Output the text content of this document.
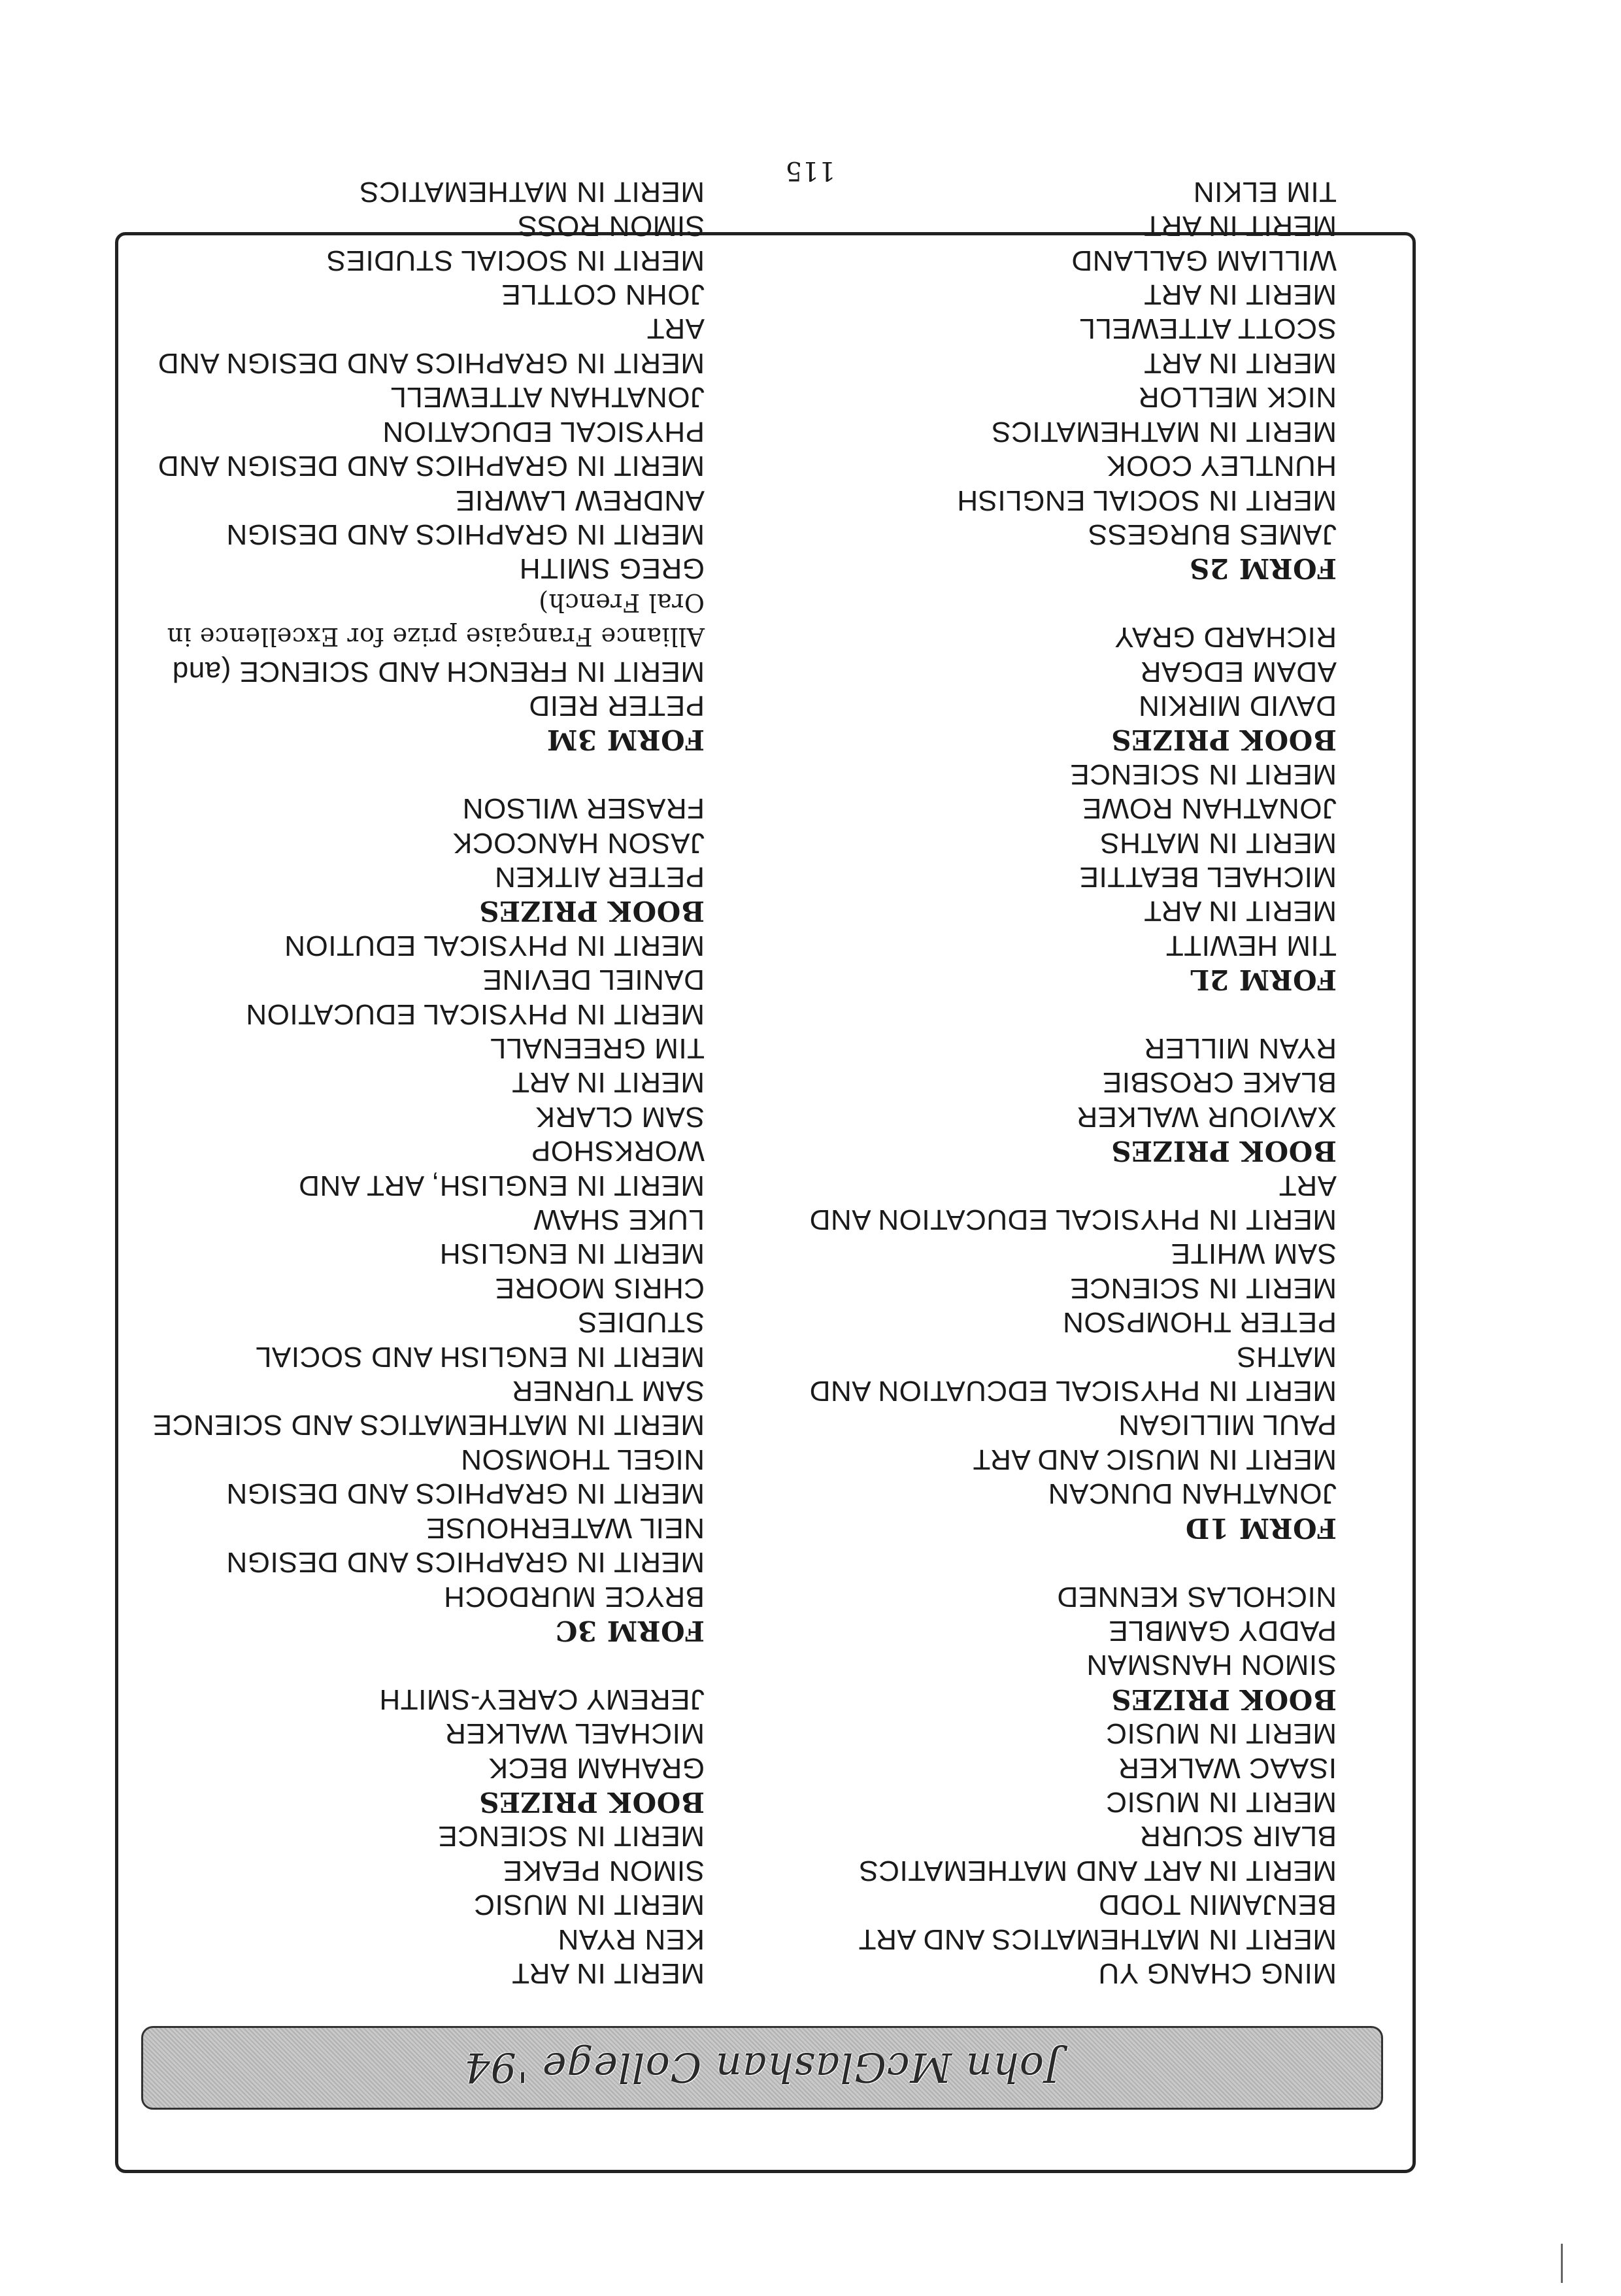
115
John McGlashan College '94
MING CHANG YU
MERIT IN MATHEMATICS AND ART
BENJAMIN TODD
MERIT IN ART AND MATHEMATICS
BLAIR SCURR
MERIT IN MUSIC
ISAAC WALKER
MERIT IN MUSIC
BOOK PRIZES
SIMON HANSMAN
PADDY GAMBLE
NICHOLAS KENNED

FORM 1D
JONATHAN DUNCAN
MERIT IN MUSIC AND ART
PAUL MILLIGAN
MERIT IN PHYSICAL EDCUATION AND
MATHS
PETER THOMPSON
MERIT IN SCIENCE
SAM WHITE
MERIT IN PHYSICAL EDUCATION AND
ART
BOOK PRIZES
XAVIOUR WALKER
BLAKE CROSBIE
RYAN MILLER

FORM 2L
TIM HEWITT
MERIT IN ART
MICHAEL BEATTIE
MERIT IN MATHS
JONATHAN ROWE
MERIT IN SCIENCE
BOOK PRIZES
DAVID MIRKIN
ADAM EDGAR
RICHARD GRAY

FORM 2S
JAMES BURGESS
MERIT IN SOCIAL ENGLISH
HUNTLEY COOK
MERIT IN MATHEMATICS
NICK MELLOR
MERIT IN ART
SCOTT ATTEWELL
MERIT IN ART
WILLIAM GALLAND
MERIT IN ART
TIM ELKIN
MERIT IN ART
KEN RYAN
MERIT IN MUSIC
SIMON PEAKE
MERIT IN SCIENCE
BOOK PRIZES
GRAHAM BECK
MICHAEL WALKER
JEREMY CAREY-SMITH

FORM 3C
BRYCE MURDOCH
MERIT IN GRAPHICS AND DESIGN
NEIL WATERHOUSE
MERIT IN GRAPHICS AND DESIGN
NIGEL THOMSON
MERIT IN MATHEMATICS AND SCIENCE
SAM TURNER
MERIT IN ENGLISH AND SOCIAL
STUDIES
CHRIS MOORE
MERIT IN ENGLISH
LUKE SHAW
MERIT IN ENGLISH, ART AND
WORKSHOP
SAM CLARK
MERIT IN ART
TIM GREENALL
MERIT IN PHYSICAL EDUCATION
DANIEL DEVINE
MERIT IN PHYSICAL EDUTION
BOOK PRIZES
PETER AITKEN
JASON HANCOCK
FRASER WILSON

FORM 3M
PETER REID
MERIT IN FRENCH AND SCIENCE (and
Alliance Française prize for Excellence in
Oral French)
GREG SMITH
MERIT IN GRAPHICS AND DESIGN
ANDREW LAWRIE
MERIT IN GRAPHICS AND DESIGN AND
PHYSICAL EDUCATION
JONATHAN ATTEWELL
MERIT IN GRAPHICS AND DESIGN AND
ART
JOHN COTTLE
MERIT IN SOCIAL STUDIES
SIMON ROSS
MERIT IN MATHEMATICS
